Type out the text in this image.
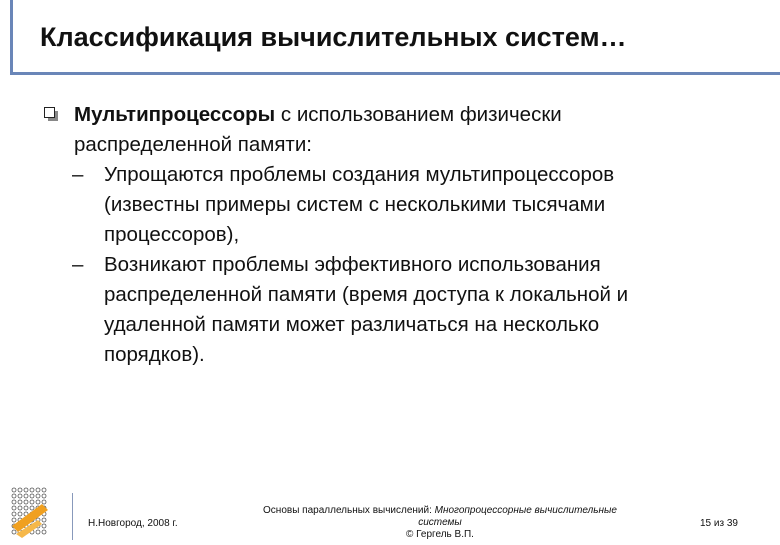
Классификация вычислительных систем…
Мультипроцессоры с использованием физически
распределенной памяти:
– Упрощаются проблемы создания мультипроцессоров
(известны примеры систем с несколькими тысячами
процессоров),
– Возникают проблемы эффективного использования
распределенной памяти (время доступа к локальной и
удаленной памяти может различаться на несколько
порядков).
Н.Новгород, 2008 г.
Основы параллельных вычислений: Многопроцессорные вычислительные
системы
© Гергель В.П.
15 из 39
